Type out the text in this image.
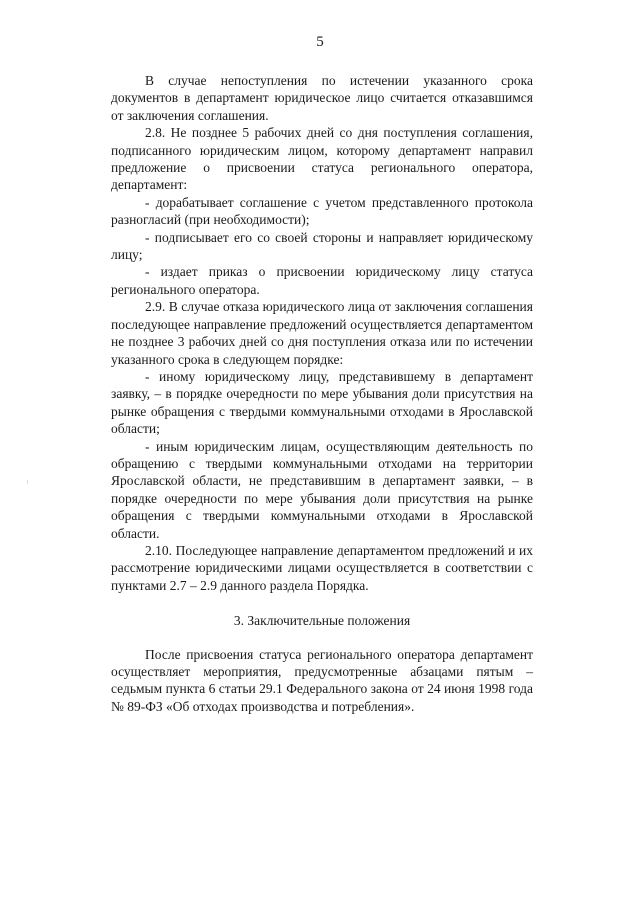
5

В случае непоступления по истечении указанного срока документов в департамент юридическое лицо считается отказавшимся от заключения соглашения.

2.8. Не позднее 5 рабочих дней со дня поступления соглашения, подписанного юридическим лицом, которому департамент направил предложение о присвоении статуса регионального оператора, департамент:

- дорабатывает соглашение с учетом представленного протокола разногласий (при необходимости);

- подписывает его со своей стороны и направляет юридическому лицу;

- издает приказ о присвоении юридическому лицу статуса регионального оператора.

2.9. В случае отказа юридического лица от заключения соглашения последующее направление предложений осуществляется департаментом не позднее 3 рабочих дней со дня поступления отказа или по истечении указанного срока в следующем порядке:

- иному юридическому лицу, представившему в департамент заявку, – в порядке очередности по мере убывания доли присутствия на рынке обращения с твердыми коммунальными отходами в Ярославской области;

- иным юридическим лицам, осуществляющим деятельность по обращению с твердыми коммунальными отходами на территории Ярославской области, не представившим в департамент заявки, – в порядке очередности по мере убывания доли присутствия на рынке обращения с твердыми коммунальными отходами в Ярославской области.

2.10. Последующее направление департаментом предложений и их рассмотрение юридическими лицами осуществляется в соответствии с пунктами 2.7 – 2.9 данного раздела Порядка.

3. Заключительные положения

После присвоения статуса регионального оператора департамент осуществляет мероприятия, предусмотренные абзацами пятым – седьмым пункта 6 статьи 29.1 Федерального закона от 24 июня 1998 года № 89-ФЗ «Об отходах производства и потребления».
